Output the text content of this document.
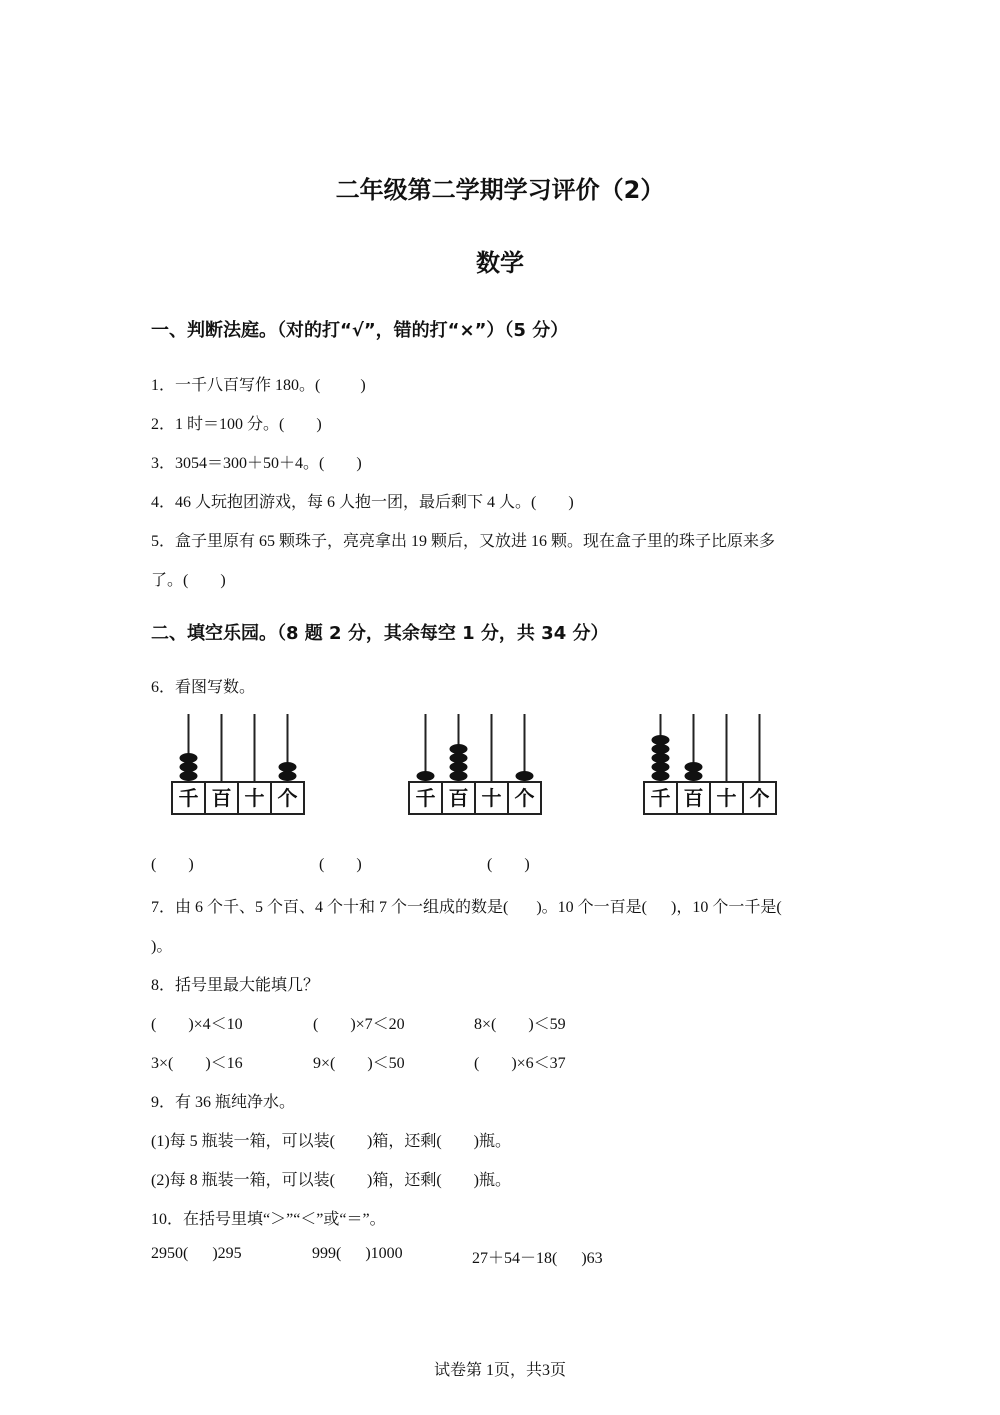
二年级第二学期学习评价（2）
数学
一、判断法庭。（对的打“√”，错的打“×”）（5 分）
1．一千八百写作 180。(          )
2．1 时＝100 分。(        )
3．3054＝300＋50＋4。(        )
4．46 人玩抱团游戏，每 6 人抱一团，最后剩下 4 人。(        )
5．盒子里原有 65 颗珠子，亮亮拿出 19 颗后，又放进 16 颗。现在盒子里的珠子比原来多
了。(        )
二、填空乐园。（8 题 2 分，其余每空 1 分，共 34 分）
6．看图写数。
千 百 十 个	千 百 十 个	千 百 十 个
(        )	(        )	(        )
7．由 6 个千、5 个百、4 个十和 7 个一组成的数是(       )。10 个一百是(      )，10 个一千是(
)。
8．括号里最大能填几？
(        )×4＜10	(        )×7＜20	8×(        )＜59
3×(        )＜16	9×(        )＜50	(        )×6＜37
9．有 36 瓶纯净水。
(1)每 5 瓶装一箱，可以装(        )箱，还剩(        )瓶。
(2)每 8 瓶装一箱，可以装(        )箱，还剩(        )瓶。
10．在括号里填“＞”“＜”或“＝”。
2950(      )295	999(      )1000	27＋54－18(      )63
试卷第 1页，共3页
